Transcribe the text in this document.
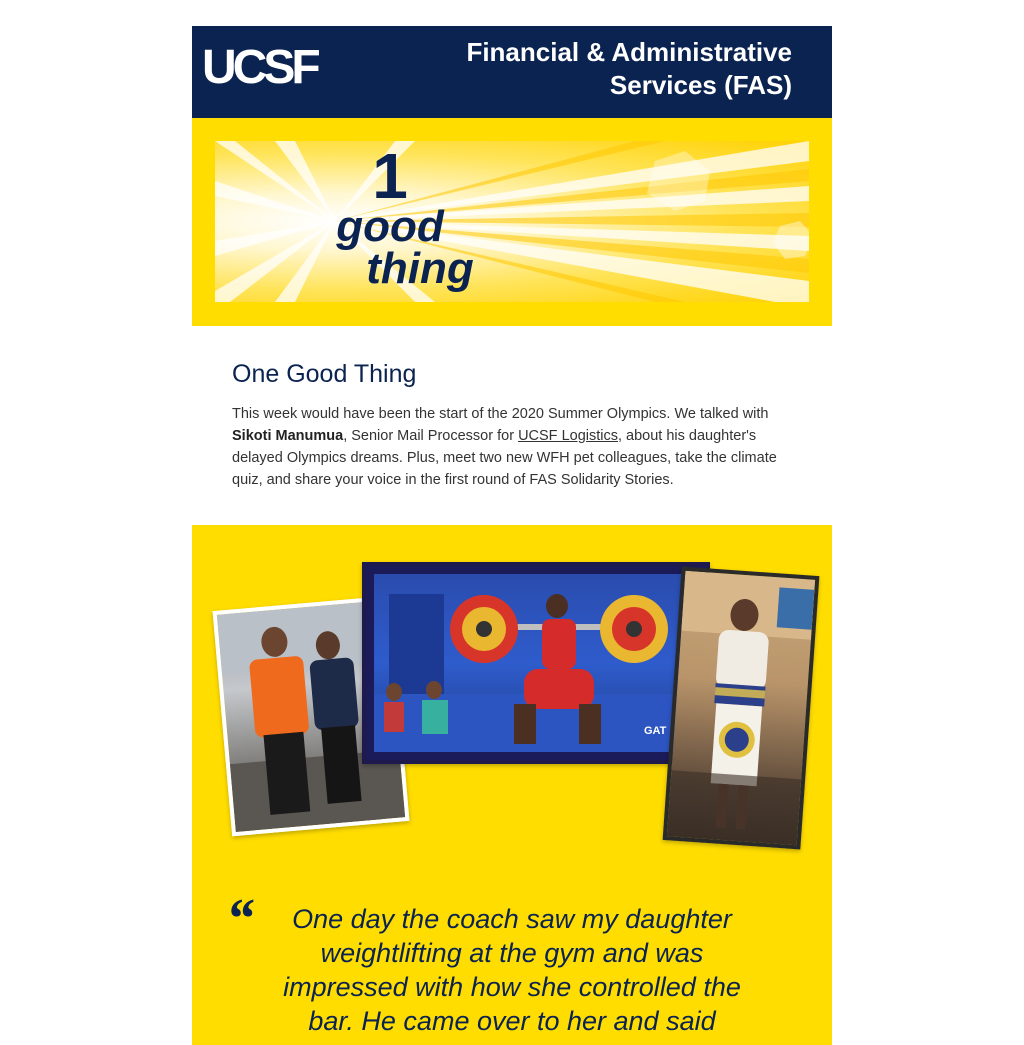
UCSF	Financial & Administrative
Services (FAS)
1
good
thing
One Good Thing

This week would have been the start of the 2020 Summer Olympics. We talked with Sikoti Manumua, Senior Mail Processor for UCSF Logistics, about his daughter's delayed Olympics dreams. Plus, meet two new WFH pet colleagues, take the climate quiz, and share your voice in the first round of FAS Solidarity Stories.

GAT
“	One day the coach saw my daughter weightlifting at the gym and was impressed with how she controlled the bar. He came over to her and said
